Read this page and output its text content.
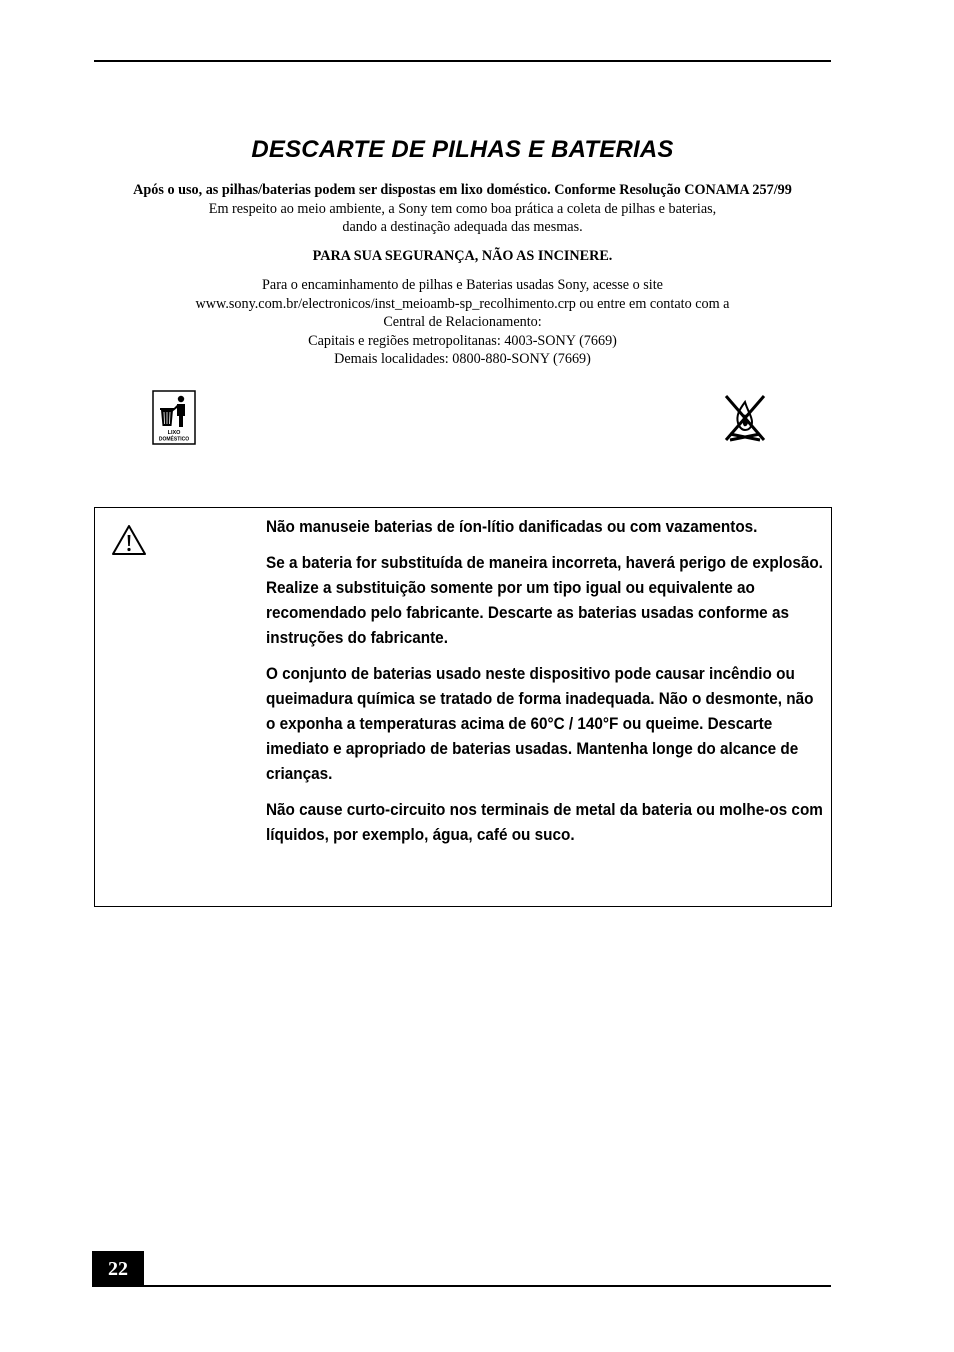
DESCARTE DE PILHAS E BATERIAS

Após o uso, as pilhas/baterias podem ser dispostas em lixo doméstico. Conforme Resolução CONAMA 257/99

Em respeito ao meio ambiente, a Sony tem como boa prática a coleta de pilhas e baterias,

dando a destinação adequada das mesmas.

PARA SUA SEGURANÇA, NÃO AS INCINERE.

Para o encaminhamento de pilhas e Baterias usadas Sony, acesse o site

www.sony.com.br/electronicos/inst_meioamb-sp_recolhimento.crp ou entre em contato com a

Central de Relacionamento:

Capitais e regiões metropolitanas: 4003-SONY (7669)

Demais localidades: 0800-880-SONY (7669)

LIXO
DOMÉSTICO

Não manuseie baterias de íon-lítio danificadas ou com vazamentos.

Se a bateria for substituída de maneira incorreta, haverá perigo de explosão.
Realize a substituição somente por um tipo igual ou equivalente ao recomendado pelo fabricante. Descarte as baterias usadas conforme as instruções do fabricante.

O conjunto de baterias usado neste dispositivo pode causar incêndio ou queimadura química se tratado de forma inadequada. Não o desmonte, não o exponha a temperaturas acima de 60°C / 140°F ou queime. Descarte imediato e apropriado de baterias usadas. Mantenha longe do alcance de crianças.

Não cause curto-circuito nos terminais de metal da bateria ou molhe-os com líquidos, por exemplo, água, café ou suco.

22
